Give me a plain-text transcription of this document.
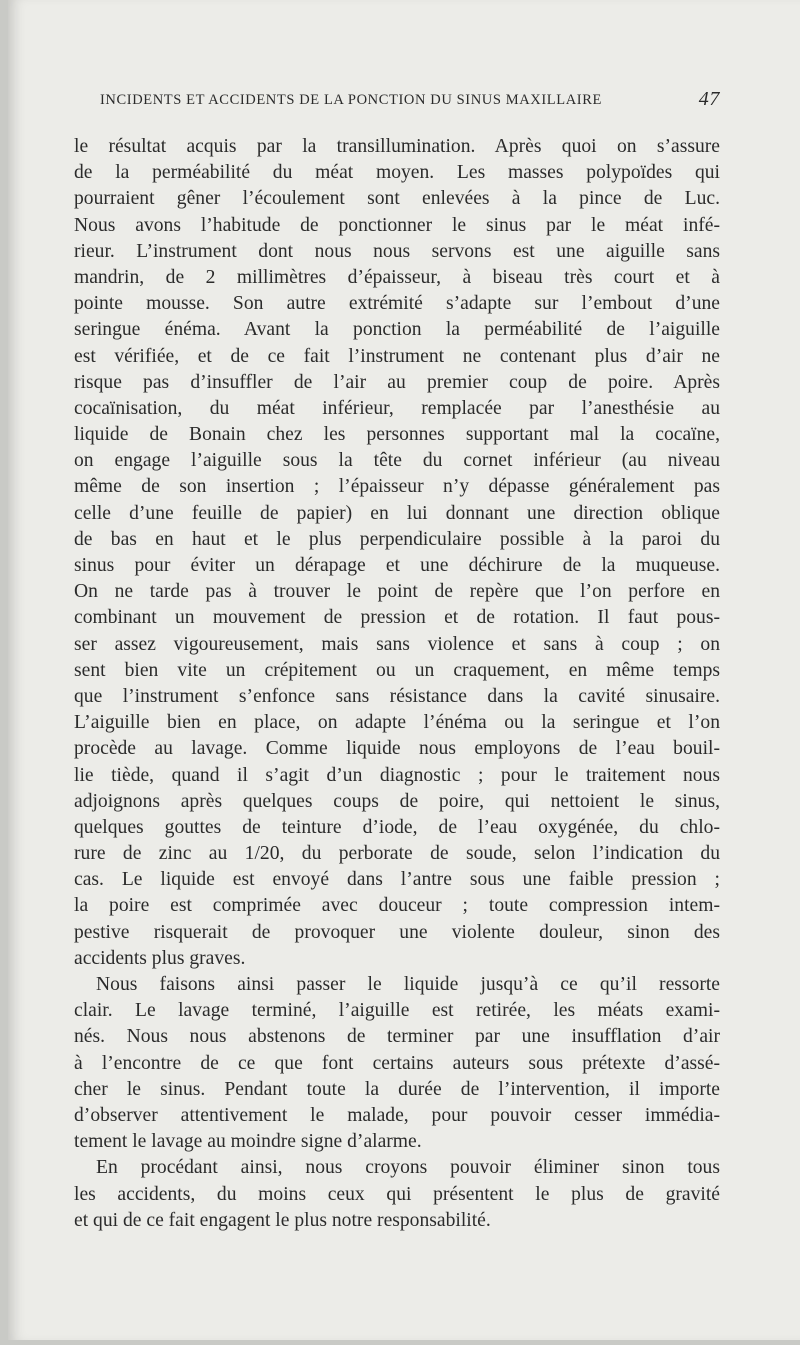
INCIDENTS ET ACCIDENTS DE LA PONCTION DU SINUS MAXILLAIRE	47

le résultat acquis par la transillumination. Après quoi on s’assure
de la perméabilité du méat moyen. Les masses polypoïdes qui
pourraient gêner l’écoulement sont enlevées à la pince de Luc.
Nous avons l’habitude de ponctionner le sinus par le méat infé-
rieur. L’instrument dont nous nous servons est une aiguille sans
mandrin, de 2 millimètres d’épaisseur, à biseau très court et à
pointe mousse. Son autre extrémité s’adapte sur l’embout d’une
seringue énéma. Avant la ponction la perméabilité de l’aiguille
est vérifiée, et de ce fait l’instrument ne contenant plus d’air ne
risque pas d’insuffler de l’air au premier coup de poire. Après
cocaïnisation, du méat inférieur, remplacée par l’anesthésie au
liquide de Bonain chez les personnes supportant mal la cocaïne,
on engage l’aiguille sous la tête du cornet inférieur (au niveau
même de son insertion ; l’épaisseur n’y dépasse généralement pas
celle d’une feuille de papier) en lui donnant une direction oblique
de bas en haut et le plus perpendiculaire possible à la paroi du
sinus pour éviter un dérapage et une déchirure de la muqueuse.
On ne tarde pas à trouver le point de repère que l’on perfore en
combinant un mouvement de pression et de rotation. Il faut pous-
ser assez vigoureusement, mais sans violence et sans à coup ; on
sent bien vite un crépitement ou un craquement, en même temps
que l’instrument s’enfonce sans résistance dans la cavité sinusaire.
L’aiguille bien en place, on adapte l’énéma ou la seringue et l’on
procède au lavage. Comme liquide nous employons de l’eau bouil-
lie tiède, quand il s’agit d’un diagnostic ; pour le traitement nous
adjoignons après quelques coups de poire, qui nettoient le sinus,
quelques gouttes de teinture d’iode, de l’eau oxygénée, du chlo-
rure de zinc au 1/20, du perborate de soude, selon l’indication du
cas. Le liquide est envoyé dans l’antre sous une faible pression ;
la poire est comprimée avec douceur ; toute compression intem-
pestive risquerait de provoquer une violente douleur, sinon des
accidents plus graves.

Nous faisons ainsi passer le liquide jusqu’à ce qu’il ressorte
clair. Le lavage terminé, l’aiguille est retirée, les méats exami-
nés. Nous nous abstenons de terminer par une insufflation d’air
à l’encontre de ce que font certains auteurs sous prétexte d’assé-
cher le sinus. Pendant toute la durée de l’intervention, il importe
d’observer attentivement le malade, pour pouvoir cesser immédia-
tement le lavage au moindre signe d’alarme.

En procédant ainsi, nous croyons pouvoir éliminer sinon tous
les accidents, du moins ceux qui présentent le plus de gravité
et qui de ce fait engagent le plus notre responsabilité.
